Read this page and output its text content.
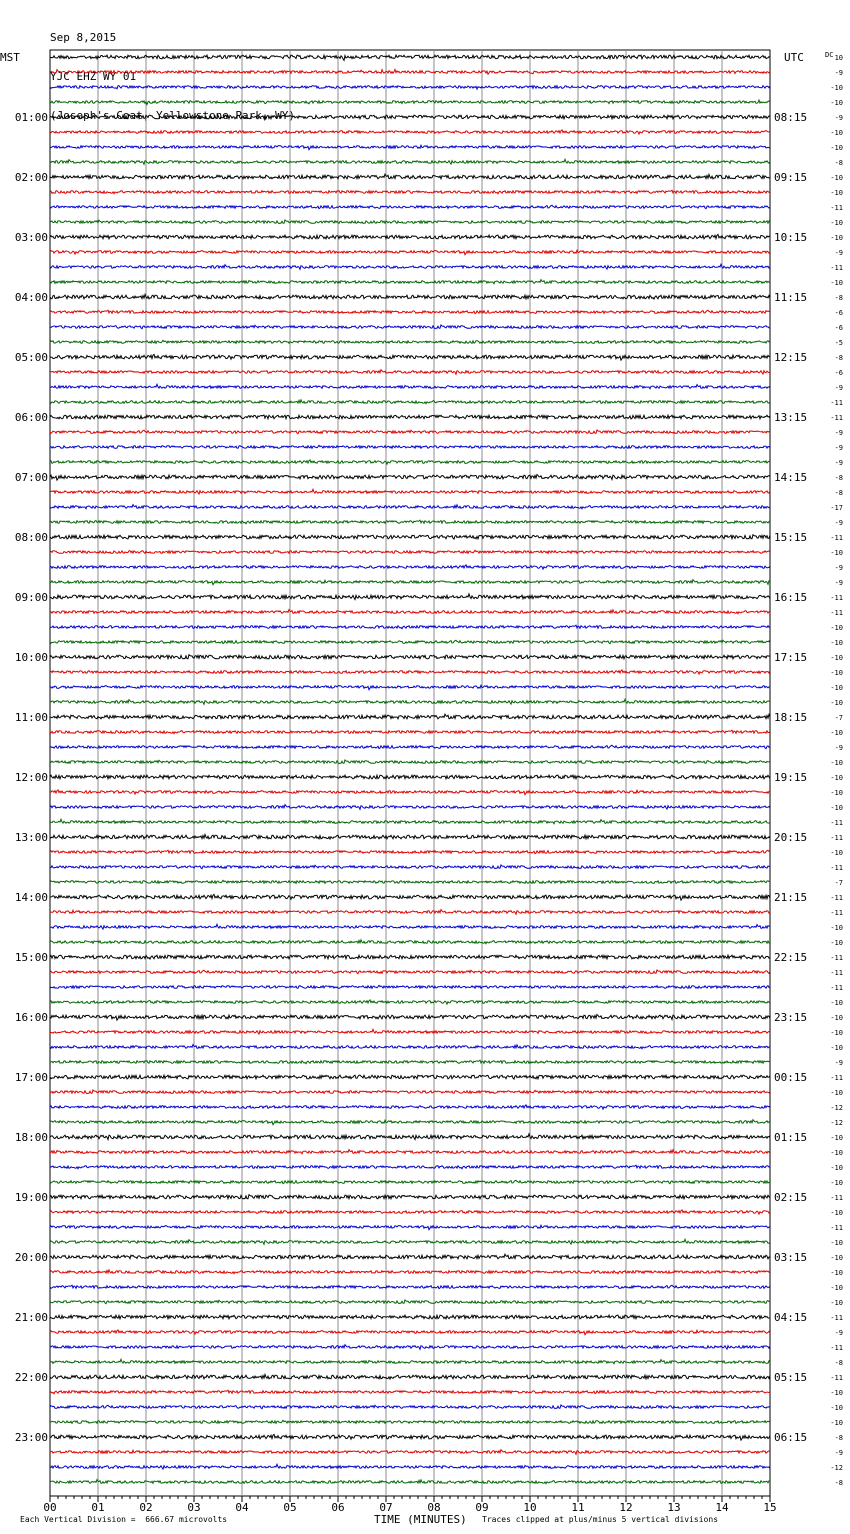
Sep 8,2015

YJC EHZ WY 01

(Joseph's Coat, Yellowstone Park, WY)

MST	UTC	10
-9
-10
-10
-9
-10
-10
-8
-10
-10
-11
-10
-10
-9
-11
-10
-8
-6
-6
-5
-8
-6
-9
-11
-11
-9
-9
-9
-8
-8
-17
-9
-11
-10
-9
-9
-11
-11
-10
-10
-10
-10
-10
-10
-7
-10
-9
-10
-10
-10
-10
-11
-11
-10
-11
-7
-11
-11
-10
-10
-11
-11
-11
-10
-10
-10
-10
-9
-11
-10
-12
-12
-10
-10
-10
-10
-11
-10
-11
-10
-10
-10
-10
-10
-11
-9
-11
-8
-11
-10
-10
-10
-8
-9
-12
-8
DC
01:00	08:15
02:00	09:15
03:00	10:15
04:00	11:15
05:00	12:15
06:00	13:15
07:00	14:15
08:00	15:15
09:00	16:15
10:00	17:15
11:00	18:15
12:00	19:15
13:00	20:15
14:00	21:15
15:00	22:15
16:00	23:15
17:00	00:15
18:00	01:15
19:00	02:15
20:00	03:15
21:00	04:15
22:00	05:15
23:00	06:15
00	01	02	03	04	05	06	07	08	09	10	11	12	13	14	15
Each Vertical Division =  666.67 microvolts	TIME (MINUTES) Traces clipped at plus/minus 5 vertical divisions
